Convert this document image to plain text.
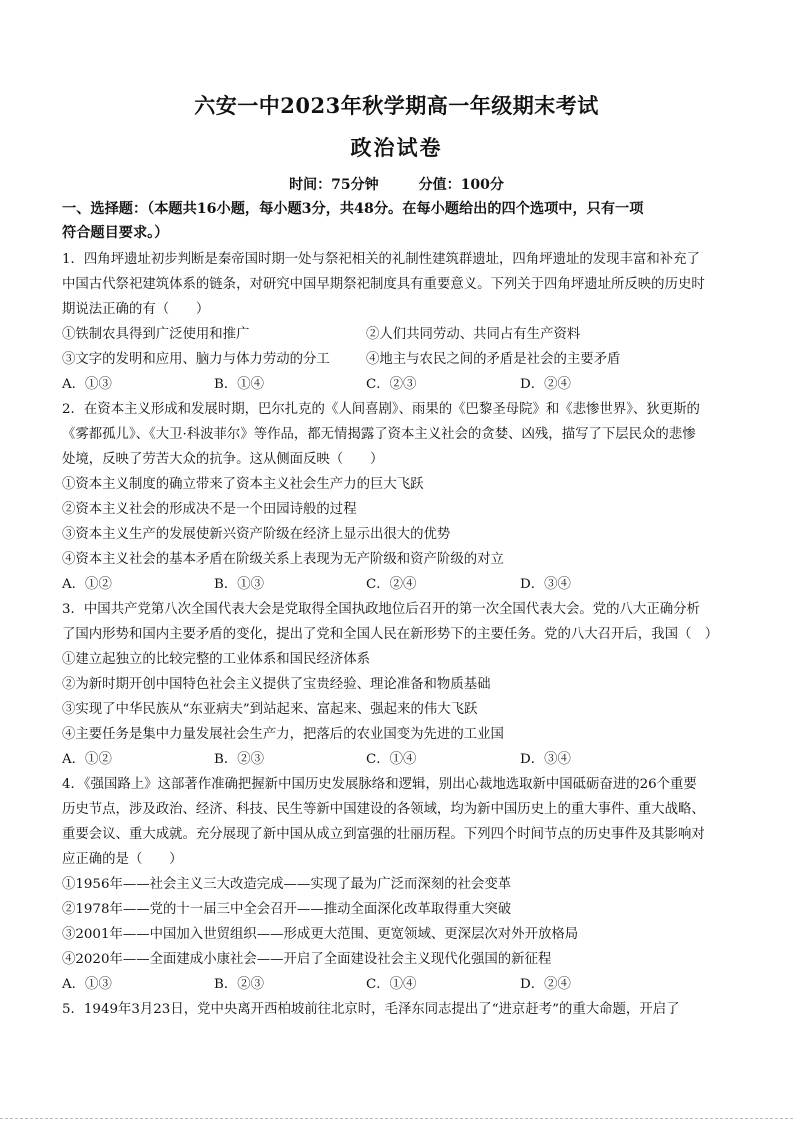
六安一中2023年秋学期高一年级期末考试
政治试卷
时间：75分钟	分值：100分
一、选择题：（本题共16小题，每小题3分，共48分。在每小题给出的四个选项中，只有一项
符合题目要求。）
1．四角坪遗址初步判断是秦帝国时期一处与祭祀相关的礼制性建筑群遗址，四角坪遗址的发现丰富和补充了
中国古代祭祀建筑体系的链条，对研究中国早期祭祀制度具有重要意义。下列关于四角坪遗址所反映的历史时
期说法正确的有（　　）
①铁制农具得到广泛使用和推广	②人们共同劳动、共同占有生产资料
③文字的发明和应用、脑力与体力劳动的分工	④地主与农民之间的矛盾是社会的主要矛盾
A．①③	B．①④	C．②③	D．②④
2．在资本主义形成和发展时期，巴尔扎克的《人间喜剧》、雨果的《巴黎圣母院》和《悲惨世界》、狄更斯的
《雾都孤儿》、《大卫·科波菲尔》等作品，都无情揭露了资本主义社会的贪婪、凶残，描写了下层民众的悲惨
处境，反映了劳苦大众的抗争。这从侧面反映（　　）
①资本主义制度的确立带来了资本主义社会生产力的巨大飞跃
②资本主义社会的形成决不是一个田园诗般的过程
③资本主义生产的发展使新兴资产阶级在经济上显示出很大的优势
④资本主义社会的基本矛盾在阶级关系上表现为无产阶级和资产阶级的对立
A．①②	B．①③	C．②④	D．③④
3．中国共产党第八次全国代表大会是党取得全国执政地位后召开的第一次全国代表大会。党的八大正确分析
了国内形势和国内主要矛盾的变化，提出了党和全国人民在新形势下的主要任务。党的八大召开后，我国（　）
①建立起独立的比较完整的工业体系和国民经济体系
②为新时期开创中国特色社会主义提供了宝贵经验、理论准备和物质基础
③实现了中华民族从“东亚病夫”到站起来、富起来、强起来的伟大飞跃
④主要任务是集中力量发展社会生产力，把落后的农业国变为先进的工业国
A．①②	B．②③	C．①④	D．③④
4．《强国路上》这部著作准确把握新中国历史发展脉络和逻辑，别出心裁地选取新中国砥砺奋进的26个重要
历史节点，涉及政治、经济、科技、民生等新中国建设的各领域，均为新中国历史上的重大事件、重大战略、
重要会议、重大成就。充分展现了新中国从成立到富强的壮丽历程。下列四个时间节点的历史事件及其影响对
应正确的是（　　）
①1956年——社会主义三大改造完成——实现了最为广泛而深刻的社会变革
②1978年——党的十一届三中全会召开——推动全面深化改革取得重大突破
③2001年——中国加入世贸组织——形成更大范围、更宽领域、更深层次对外开放格局
④2020年——全面建成小康社会——开启了全面建设社会主义现代化强国的新征程
A．①③	B．②③	C．①④	D．②④
5．1949年3月23日，党中央离开西柏坡前往北京时，毛泽东同志提出了“进京赶考”的重大命题，开启了
